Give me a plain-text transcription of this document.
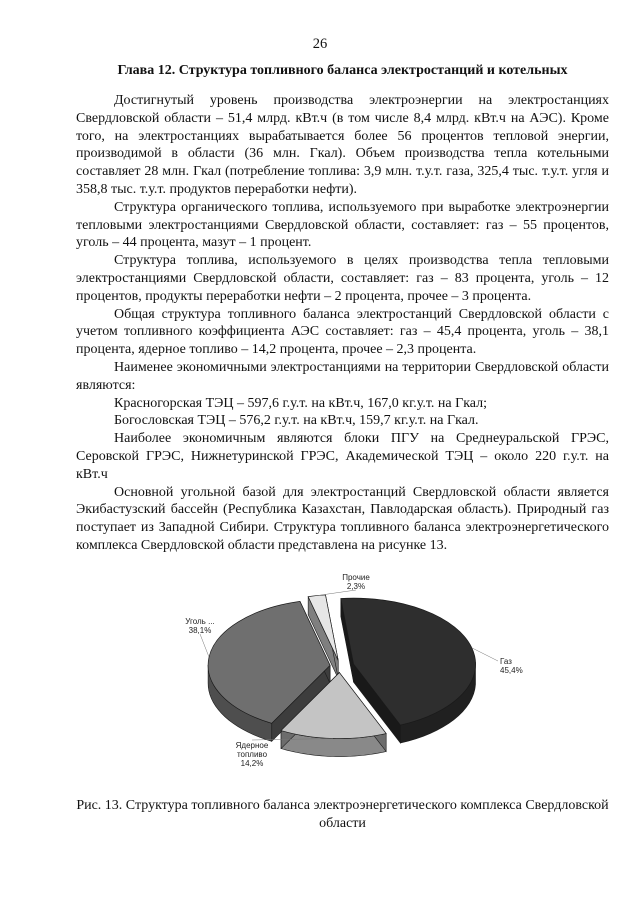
26
Глава 12. Структура топливного баланса электростанций и котельных

Достигнутый уровень производства электроэнергии на электростанциях Свердловской области – 51,4 млрд. кВт.ч (в том числе 8,4 млрд. кВт.ч на АЭС). Кроме того, на электростанциях вырабатывается более 56 процентов тепловой энергии, производимой в области (36 млн. Гкал). Объем производства тепла котельными составляет 28 млн. Гкал (потребление топлива: 3,9 млн. т.у.т. газа, 325,4 тыс. т.у.т. угля и 358,8 тыс. т.у.т. продуктов переработки нефти).

Структура органического топлива, используемого при выработке электроэнергии тепловыми электростанциями Свердловской области, составляет: газ – 55 процентов, уголь – 44 процента, мазут – 1 процент.

Структура топлива, используемого в целях производства тепла тепловыми электростанциями Свердловской области, составляет: газ – 83 процента, уголь – 12 процентов, продукты переработки нефти – 2 процента, прочее – 3 процента.

Общая структура топливного баланса электростанций Свердловской области с учетом топливного коэффициента АЭС составляет: газ – 45,4 процента, уголь – 38,1 процента, ядерное топливо – 14,2 процента, прочее – 2,3 процента.

Наименее экономичными электростанциями на территории Свердловской области являются:

Красногорская ТЭЦ – 597,6 г.у.т. на кВт.ч, 167,0 кг.у.т. на Гкал;

Богословская ТЭЦ – 576,2 г.у.т. на кВт.ч, 159,7 кг.у.т. на Гкал.

Наиболее экономичным являются блоки ПГУ на Среднеуральской ГРЭС, Серовской ГРЭС, Нижнетуринской ГРЭС, Академической ТЭЦ – около 220 г.у.т. на кВт.ч

Основной угольной базой для электростанций Свердловской области является Экибастузский бассейн (Республика Казахстан, Павлодарская область). Природный газ поступает из Западной Сибири. Структура топливного баланса электроэнергетического комплекса Свердловской области представлена на рисунке 13.

Газ
45,4%
Ядерное
топливо
14,2%
Уголь ...
38,1%
Прочие
2,3%
Рис. 13. Структура топливного баланса электроэнергетического комплекса Свердловской области
